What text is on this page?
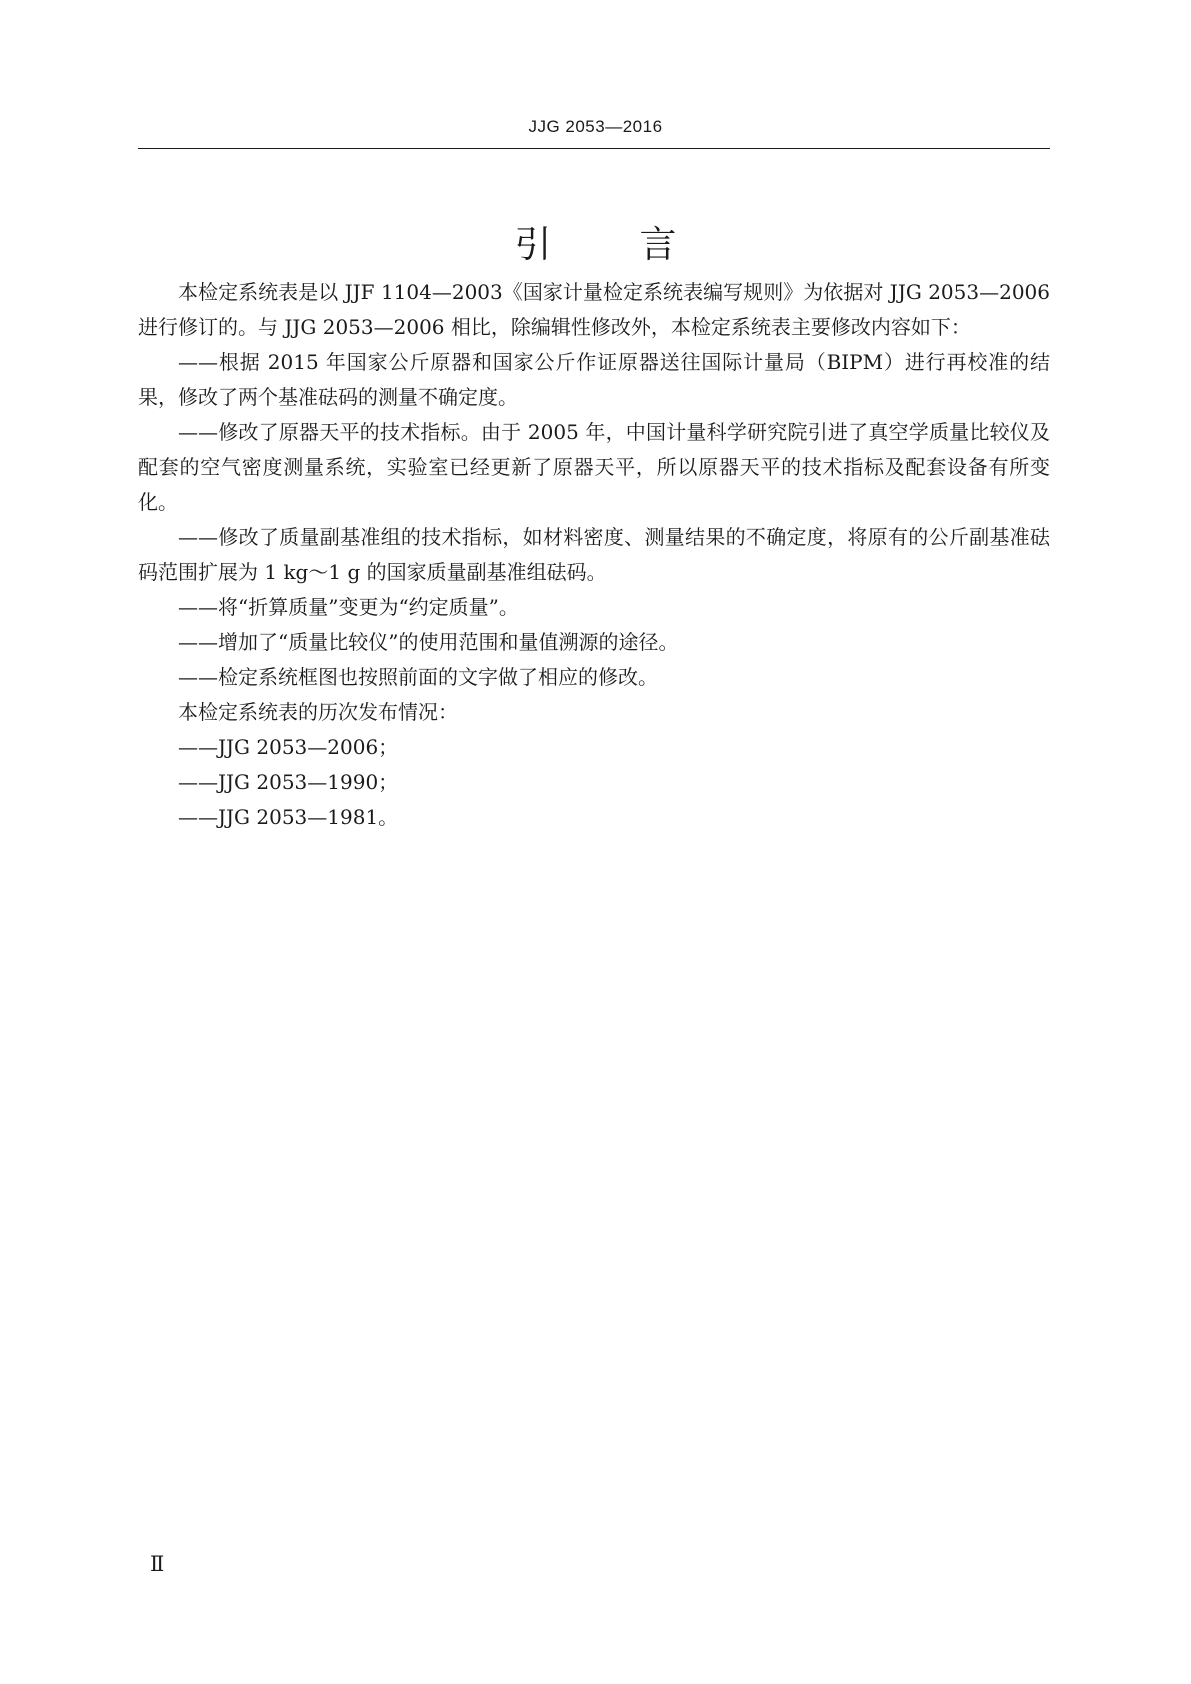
JJG 2053—2016
引言

本检定系统表是以 JJF 1104—2003《国家计量检定系统表编写规则》为依据对 JJG 2053—2006 进行修订的。与 JJG 2053—2006 相比，除编辑性修改外，本检定系统表主要修改内容如下：

——根据 2015 年国家公斤原器和国家公斤作证原器送往国际计量局（BIPM）进行再校准的结果，修改了两个基准砝码的测量不确定度。

——修改了原器天平的技术指标。由于 2005 年，中国计量科学研究院引进了真空学质量比较仪及配套的空气密度测量系统，实验室已经更新了原器天平，所以原器天平的技术指标及配套设备有所变化。

——修改了质量副基准组的技术指标，如材料密度、测量结果的不确定度，将原有的公斤副基准砝码范围扩展为 1 kg～1 g 的国家质量副基准组砝码。

——将“折算质量”变更为“约定质量”。

——增加了“质量比较仪”的使用范围和量值溯源的途径。

——检定系统框图也按照前面的文字做了相应的修改。

本检定系统表的历次发布情况：

——JJG 2053—2006；

——JJG 2053—1990；

——JJG 2053—1981。

Ⅱ
